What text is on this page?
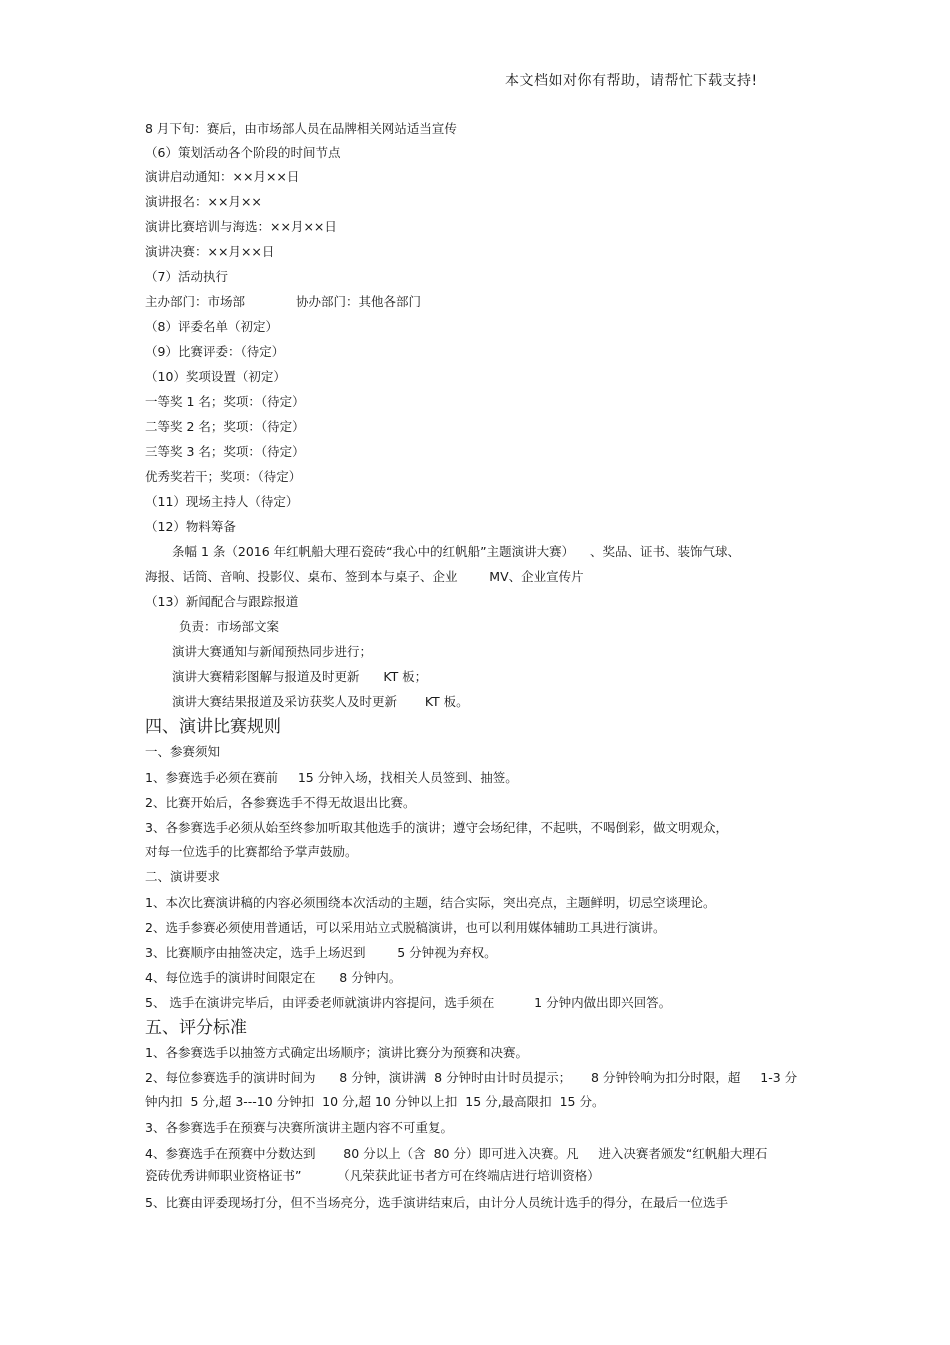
本文档如对你有帮助，请帮忙下载支持!
8 月下旬：赛后，由市场部人员在品牌相关网站适当宣传
（6）策划活动各个阶段的时间节点
演讲启动通知：××月××日
演讲报名：××月××
演讲比赛培训与海选：××月××日
演讲决赛：××月××日
（7）活动执行
主办部门：市场部	协办部门：其他各部门
（8）评委名单（初定）
（9）比赛评委：（待定）
（10）奖项设置（初定）
一等奖 1 名；奖项：（待定）
二等奖 2 名；奖项：（待定）
三等奖 3 名；奖项：（待定）
优秀奖若干；奖项：（待定）
（11）现场主持人（待定）
（12）物料筹备
条幅 1 条（2016 年红帆船大理石瓷砖“我心中的红帆船”主题演讲大赛）    、奖品、证书、装饰气球、
海报、话筒、音响、投影仪、桌布、签到本与桌子、企业        MV、企业宣传片
（13）新闻配合与跟踪报道
负责：市场部文案
演讲大赛通知与新闻预热同步进行；
演讲大赛精彩图解与报道及时更新      KT 板；
演讲大赛结果报道及采访获奖人及时更新       KT 板。
四、演讲比赛规则
一、参赛须知
1、参赛选手必须在赛前     15 分钟入场，找相关人员签到、抽签。
2、比赛开始后，各参赛选手不得无故退出比赛。
3、各参赛选手必须从始至终参加听取其他选手的演讲；遵守会场纪律，不起哄，不喝倒彩，做文明观众，
对每一位选手的比赛都给予掌声鼓励。
二、演讲要求
1、本次比赛演讲稿的内容必须围绕本次活动的主题，结合实际，突出亮点，主题鲜明，切忌空谈理论。
2、选手参赛必须使用普通话，可以采用站立式脱稿演讲，也可以利用媒体辅助工具进行演讲。
3、比赛顺序由抽签决定，选手上场迟到        5 分钟视为弃权。
4、每位选手的演讲时间限定在      8 分钟内。
5、 选手在演讲完毕后，由评委老师就演讲内容提问，选手须在          1 分钟内做出即兴回答。
五、评分标准
1、各参赛选手以抽签方式确定出场顺序；演讲比赛分为预赛和决赛。
2、每位参赛选手的演讲时间为      8 分钟，演讲满  8 分钟时由计时员提示；     8 分钟铃响为扣分时限，超     1-3 分
钟内扣  5 分,超 3---10 分钟扣  10 分,超 10 分钟以上扣  15 分,最高限扣  15 分。
3、各参赛选手在预赛与决赛所演讲主题内容不可重复。
4、参赛选手在预赛中分数达到       80 分以上（含  80 分）即可进入决赛。凡     进入决赛者颁发“红帆船大理石
瓷砖优秀讲师职业资格证书”         （凡荣获此证书者方可在终端店进行培训资格）
5、比赛由评委现场打分，但不当场亮分，选手演讲结束后，由计分人员统计选手的得分，在最后一位选手
